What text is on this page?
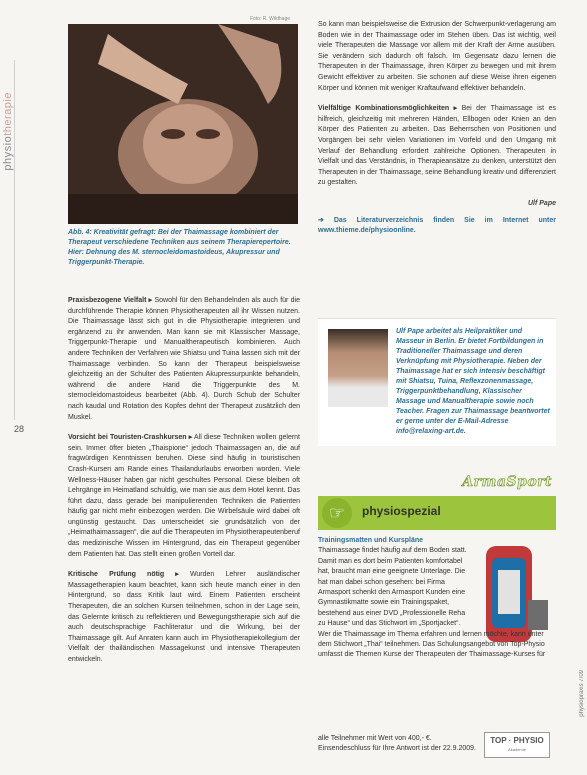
physiotherapie
28
physiopraxis 7/09
Foto: R. Wildhage
Abb. 4: Kreativität gefragt: Bei der Thaimassage kombiniert der Therapeut verschiedene Techniken aus seinem Therapierepertoire. Hier: Dehnung des M. sternocleidomastoideus, Akupressur und Triggerpunkt-Therapie.

Praxisbezogene Vielfalt ▸ Sowohl für den Behandelnden als auch für die durchführende Therapie können Physiotherapeuten all ihr Wissen nutzen. Die Thaimassage lässt sich gut in die Physiotherapie integrieren und ergänzend zu ihr anwenden. Man kann sie mit Klassischer Massage, Triggerpunkt-Therapie und Manualtherapeutisch kombinieren. Auch andere Techniken der Verfahren wie Shiatsu und Tuina lassen sich mit der Thaimassage verbinden. So kann der Therapeut beispielsweise gleichzeitig an der Schulter des Patienten Akupressurpunkte behandeln, während die andere Hand die Triggerpunkte des M. sternocleidomastoideus bearbeitet (Abb. 4). Durch Schub der Schulter nach kaudal und Rotation des Kopfes dehnt der Therapeut zusätzlich den Muskel.

Vorsicht bei Touristen-Crashkursen ▸ All diese Techniken wollen gelernt sein. Immer öfter bieten „Thaispione“ jedoch Thaimassagen an, die auf fragwürdigen Kenntnissen beruhen. Diese sind häufig in touristischen Crash-Kursen am Rande eines Thailandurlaubs erworben worden. Viele Wellness-Häuser haben gar nicht geschultes Personal. Diese bleiben oft Lehrgänge im Heimatland schuldig, wie man sie aus dem Hotel kennt. Das führt dazu, dass gerade bei manipulierenden Techniken die Patienten häufig gar nicht mehr einbezogen werden. Die Wirbelsäule wird dabei oft ungünstig gestaucht. Das unterscheidet sie grundsätzlich von der „Heimathaimassagen“, die auf die Therapeuten im Physiotherapeutenberuf das medizinische Wissen im Hintergrund, das ein Therapeut gegenüber dem Patienten hat. Das stellt einen großen Vorteil dar.

Kritische Prüfung nötig ▸ Wurden Lehrer ausländischer Massagetherapien kaum beachtet, kann sich heute manch einer in den Hintergrund, so dass Kritik laut wird. Einem Patienten erscheint Therapeuten, die an solchen Kursen teilnehmen, schon in der Lage sein, das Gelernte kritisch zu reflektieren und Bewegungstherapie sich auf die auch deutschsprachige Fachliteratur und die Wirkung, bei der Thaimassage gilt. Auf Anraten kann auch im Physiotherapiekollegium der Vielfalt der thailändischen Massagekunst und intensive Therapeuten entwickeln.

So kann man beispielsweise die Extrusion der Schwerpunkt-verlagerung am Boden wie in der Thaimassage oder im Stehen üben. Das ist wichtig, weil viele Therapeuten die Massage vor allem mit der Kraft der Arme ausüben. Sie verändern sich dadurch oft falsch. Im Gegensatz dazu lernen die Therapeuten in der Thaimassage, ihren Körper zu bewegen und mit ihrem Gewicht effektiver zu arbeiten. Sie schonen auf diese Weise ihren eigenen Körper und können mit weniger Kraftaufwand effektiver behandeln.

Vielfältige Kombinationsmöglichkeiten ▸ Bei der Thaimassage ist es hilfreich, gleichzeitig mit mehreren Händen, Ellbogen oder Knien an den Körper des Patienten zu arbeiten. Das Beherrschen von Positionen und Vorgängen bei sehr vielen Variationen im Vorfeld und den Umgang mit Verlauf der Behandlung erfordert zahlreiche Optionen. Therapeuten in Vielfalt und das Verständnis, in Therapieansätze zu denken, unterstützt den Therapeuten in der Thaimassage, seine Behandlung kreativ und differenziert zu gestalten.

Ulf Pape
➔ Das Literaturverzeichnis finden Sie im Internet unter www.thieme.de/physioonline.
Ulf Pape arbeitet als Heilpraktiker und Masseur in Berlin. Er bietet Fortbildungen in Traditioneller Thaimassage und deren Verknüpfung mit Physiotherapie. Neben der Thaimassage hat er sich intensiv beschäftigt mit Shiatsu, Tuina, Reflexzonenmassage, Triggerpunktbehandlung, Klassischer Massage und Manualtherapie sowie noch Teacher. Fragen zur Thaimassage beantwortet er gerne unter der E-Mail-Adresse info@relaxing-art.de.
ArmaSport
☞	physiospezial

Trainingsmatten und Kurspläne

Thaimassage findet häufig auf dem Boden statt. Damit man es dort beim Patienten komfortabel hat, braucht man eine geeignete Unterlage. Die hat man dabei schon gesehen: bei Firma Armasport schenkt den Armasport Kunden eine Gymnastikmatte sowie ein Trainingspaket, bestehend aus einer DVD „Professionelle Reha zu Hause“ und das Stichwort im „Sportjacket“.

Wer die Thaimassage im Thema erfahren und lernen möchte, kann unter dem Stichwort „Thai“ teilnehmen. Das Schulungsangebot von Top-Physio umfasst die Themen Kurse der Therapeuten der Thaimassage-Kurses für

alle Teilnehmer mit Wert von 400,- €. Einsendeschluss für Ihre Antwort ist der 22.9.2009.
TOP · PHYSIO
Akademie
